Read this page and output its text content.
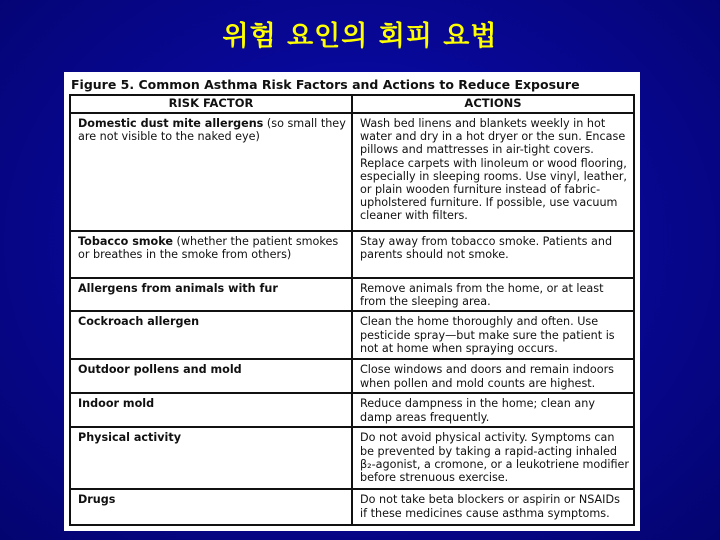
위험 요인의 회피 요법
Figure 5. Common Asthma Risk Factors and Actions to Reduce Exposure
RISK FACTOR	ACTIONS
Domestic dust mite allergens (so small they are not visible to the naked eye)	Wash bed linens and blankets weekly in hot water and dry in a hot dryer or the sun. Encase pillows and mattresses in air-tight covers. Replace carpets with linoleum or wood flooring, especially in sleeping rooms. Use vinyl, leather, or plain wooden furniture instead of fabric-upholstered furniture. If possible, use vacuum cleaner with filters.
Tobacco smoke (whether the patient smokes or breathes in the smoke from others)	Stay away from tobacco smoke. Patients and parents should not smoke.
Allergens from animals with fur	Remove animals from the home, or at least from the sleeping area.
Cockroach allergen	Clean the home thoroughly and often. Use pesticide spray—but make sure the patient is not at home when spraying occurs.
Outdoor pollens and mold	Close windows and doors and remain indoors when pollen and mold counts are highest.
Indoor mold	Reduce dampness in the home; clean any damp areas frequently.
Physical activity	Do not avoid physical activity. Symptoms can be prevented by taking a rapid-acting inhaled β₂-agonist, a cromone, or a leukotriene modifier before strenuous exercise.
Drugs	Do not take beta blockers or aspirin or NSAIDs if these medicines cause asthma symptoms.
